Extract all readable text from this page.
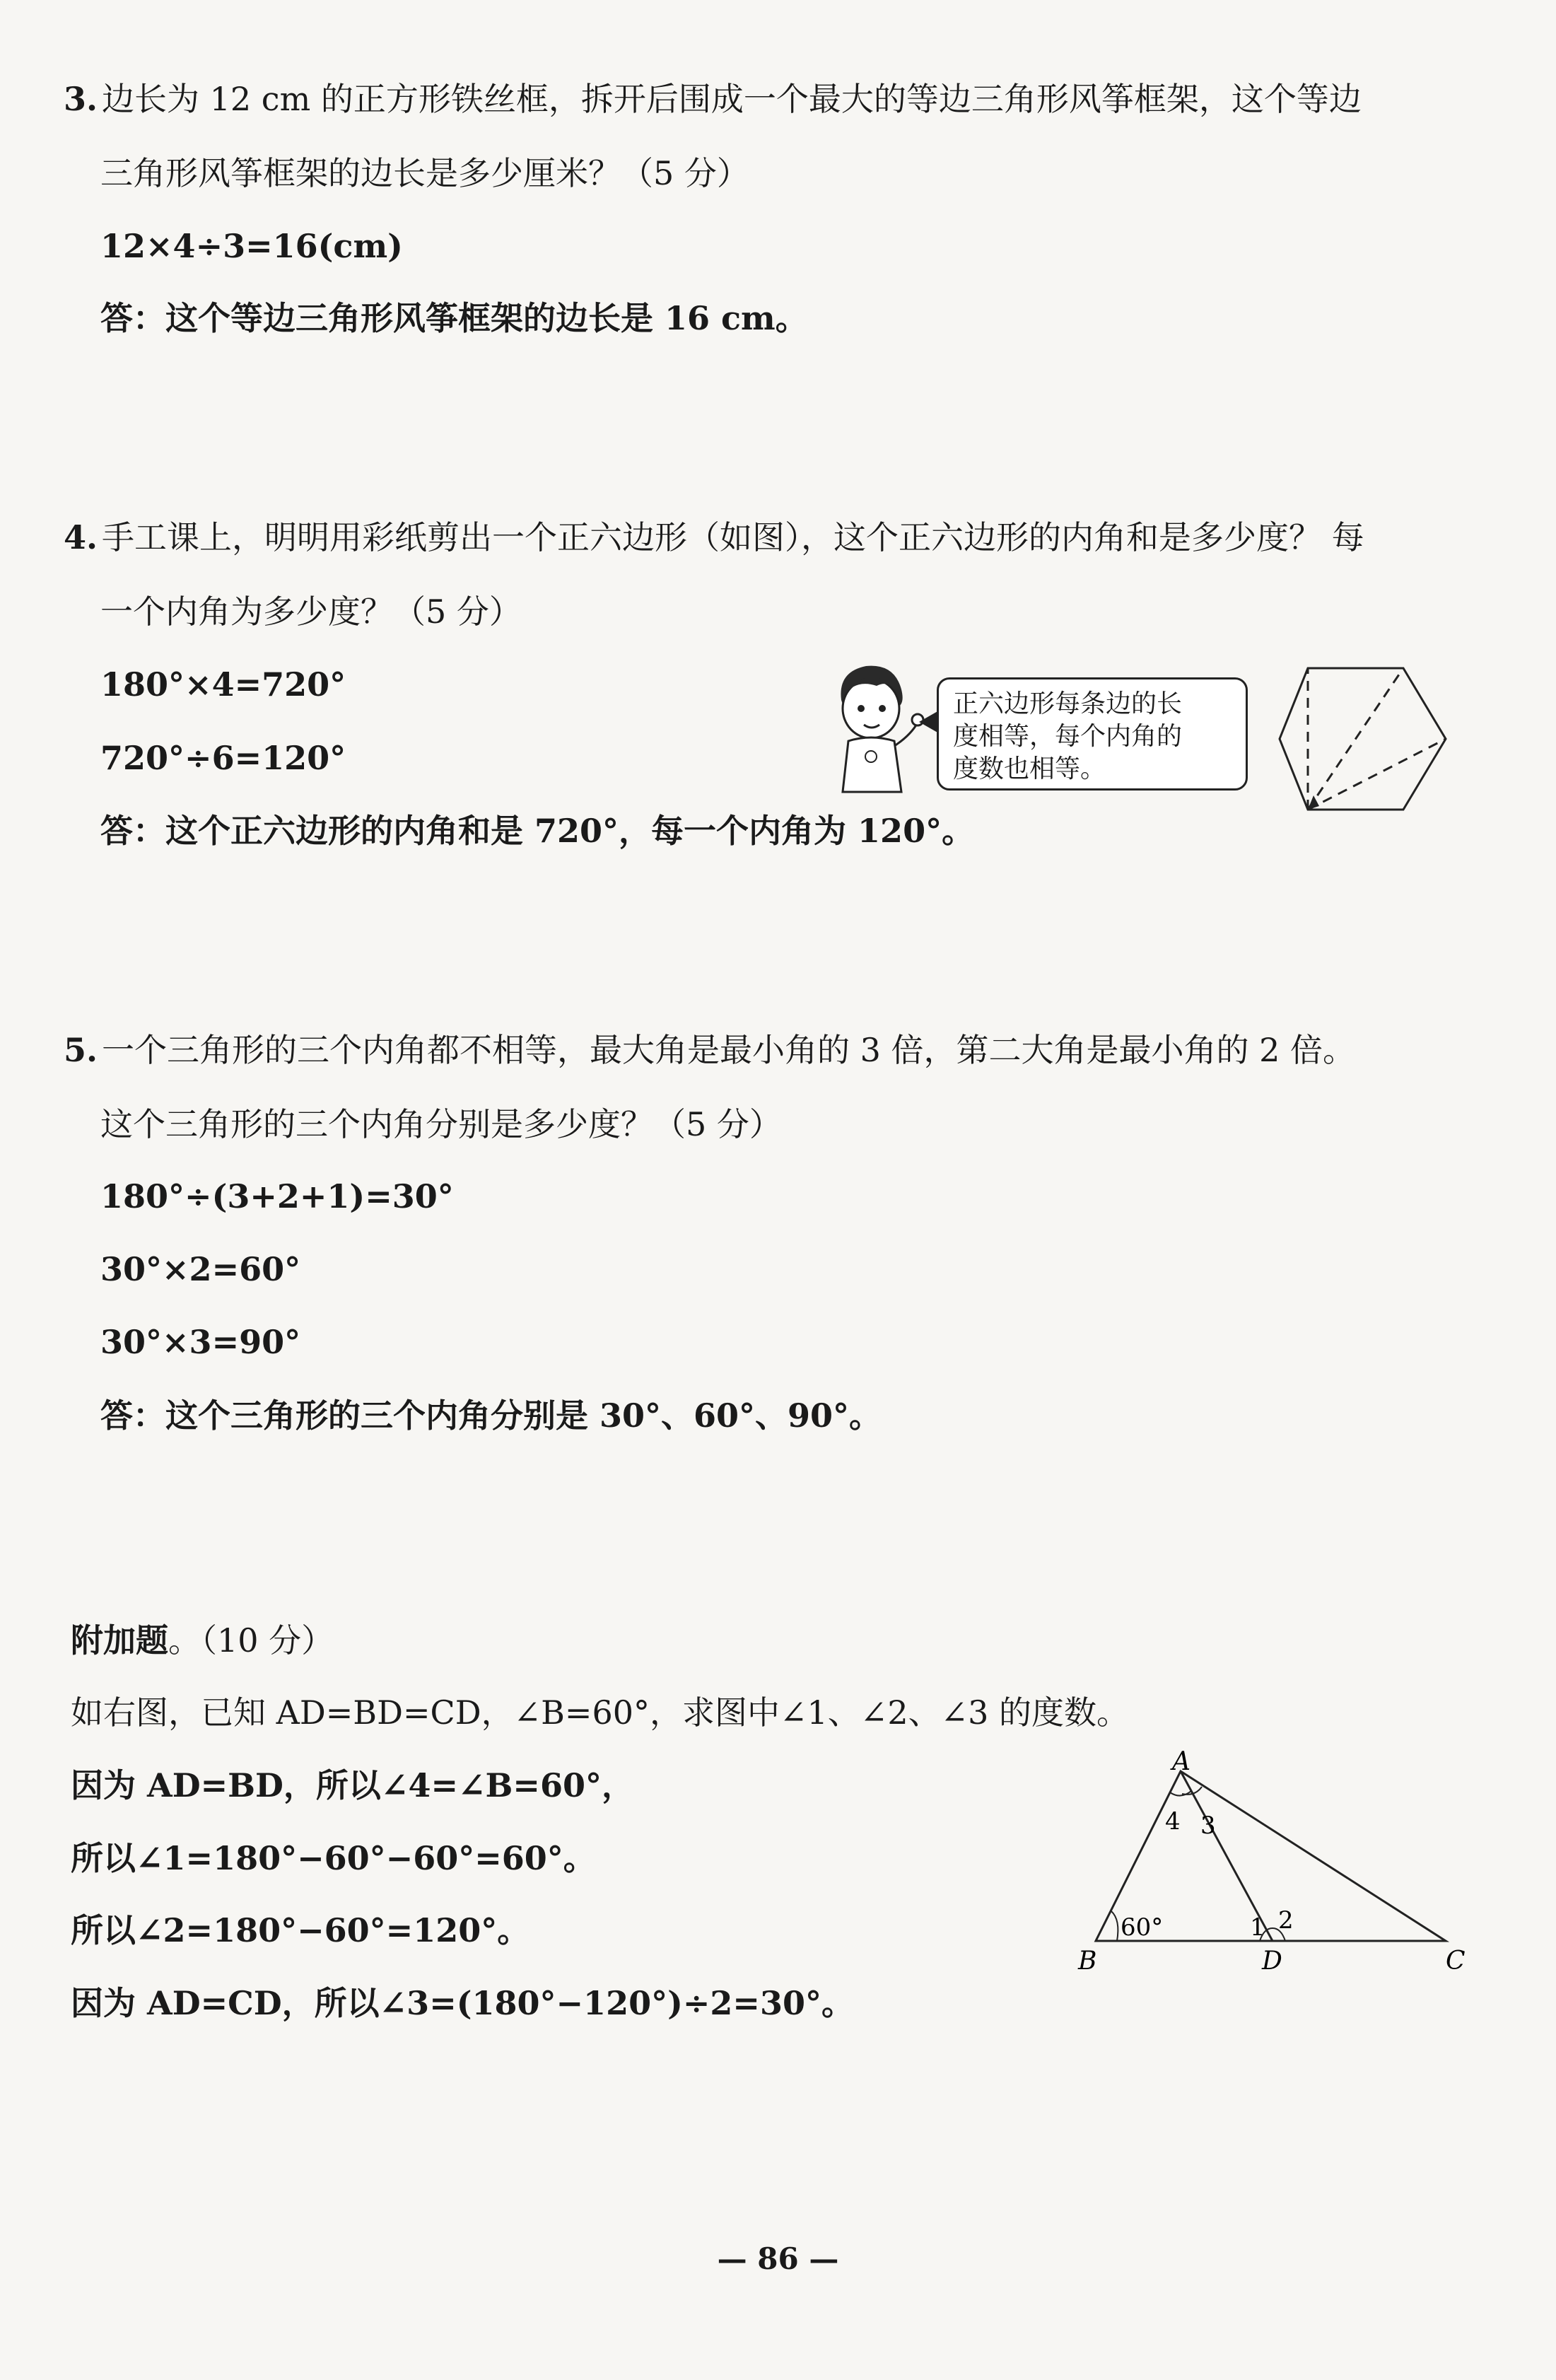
3. 边长为 12 cm 的正方形铁丝框，拆开后围成一个最大的等边三角形风筝框架，这个等边
三角形风筝框架的边长是多少厘米？（5 分）
12×4÷3=16(cm)
答：这个等边三角形风筝框架的边长是 16 cm。
4. 手工课上，明明用彩纸剪出一个正六边形（如图），这个正六边形的内角和是多少度？ 每
一个内角为多少度？（5 分）
180°×4=720°
720°÷6=120°
答：这个正六边形的内角和是 720°，每一个内角为 120°。
正六边形每条边的长
度相等，每个内角的
度数也相等。
5. 一个三角形的三个内角都不相等，最大角是最小角的 3 倍，第二大角是最小角的 2 倍。
这个三角形的三个内角分别是多少度？（5 分）
180°÷(3+2+1)=30°
30°×2=60°
30°×3=90°
答：这个三角形的三个内角分别是 30°、60°、90°。
附加题。（10 分）
如右图，已知 AD=BD=CD，∠B=60°，求图中∠1、∠2、∠3 的度数。
因为 AD=BD，所以∠4=∠B=60°，
所以∠1=180°−60°−60°=60°。
所以∠2=180°−60°=120°。
因为 AD=CD，所以∠3=(180°−120°)÷2=30°。
A
B	D	C
4 3
60°	1 2
— 86 —
